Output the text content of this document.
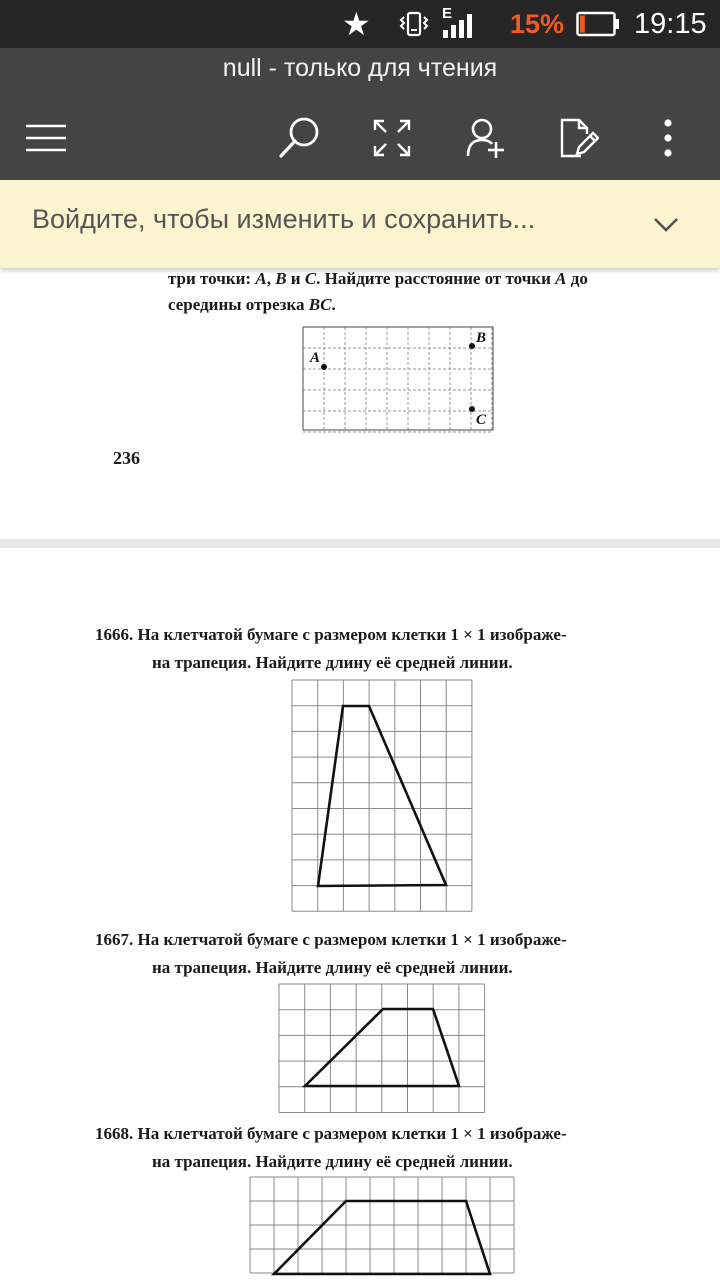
★	E 15% 19:15
null - только для чтения
Войдите, чтобы изменить и сохранить...
три точки: A, B и C. Найдите расстояние от точки A до
середины отрезка BC.
A
B
C
236
1666. На клетчатой бумаге с размером клетки 1 × 1 изображе-
на трапеция. Найдите длину её средней линии.
1667. На клетчатой бумаге с размером клетки 1 × 1 изображе-
на трапеция. Найдите длину её средней линии.
1668. На клетчатой бумаге с размером клетки 1 × 1 изображе-
на трапеция. Найдите длину её средней линии.
